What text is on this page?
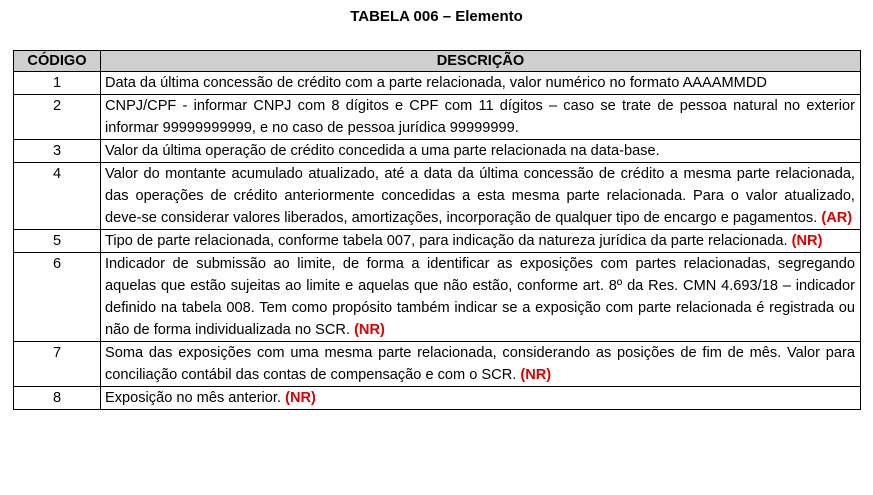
TABELA 006 – Elemento
CÓDIGO	DESCRIÇÃO
1	Data da última concessão de crédito com a parte relacionada, valor numérico no formato AAAAMMDD
2	CNPJ/CPF - informar CNPJ com 8 dígitos e CPF com 11 dígitos – caso se trate de pessoa natural no exterior informar 99999999999, e no caso de pessoa jurídica 99999999.
3	Valor da última operação de crédito concedida a uma parte relacionada na data-base.
4	Valor do montante acumulado atualizado, até a data da última concessão de crédito a mesma parte relacionada, das operações de crédito anteriormente concedidas a esta mesma parte relacionada. Para o valor atualizado, deve-se considerar valores liberados, amortizações, incorporação de qualquer tipo de encargo e pagamentos. (AR)
5	Tipo de parte relacionada, conforme tabela 007, para indicação da natureza jurídica da parte relacionada. (NR)
6	Indicador de submissão ao limite, de forma a identificar as exposições com partes relacionadas, segregando aquelas que estão sujeitas ao limite e aquelas que não estão, conforme art. 8º da Res. CMN 4.693/18 – indicador definido na tabela 008. Tem como propósito também indicar se a exposição com parte relacionada é registrada ou não de forma individualizada no SCR. (NR)
7	Soma das exposições com uma mesma parte relacionada, considerando as posições de fim de mês. Valor para conciliação contábil das contas de compensação e com o SCR. (NR)
8	Exposição no mês anterior. (NR)
